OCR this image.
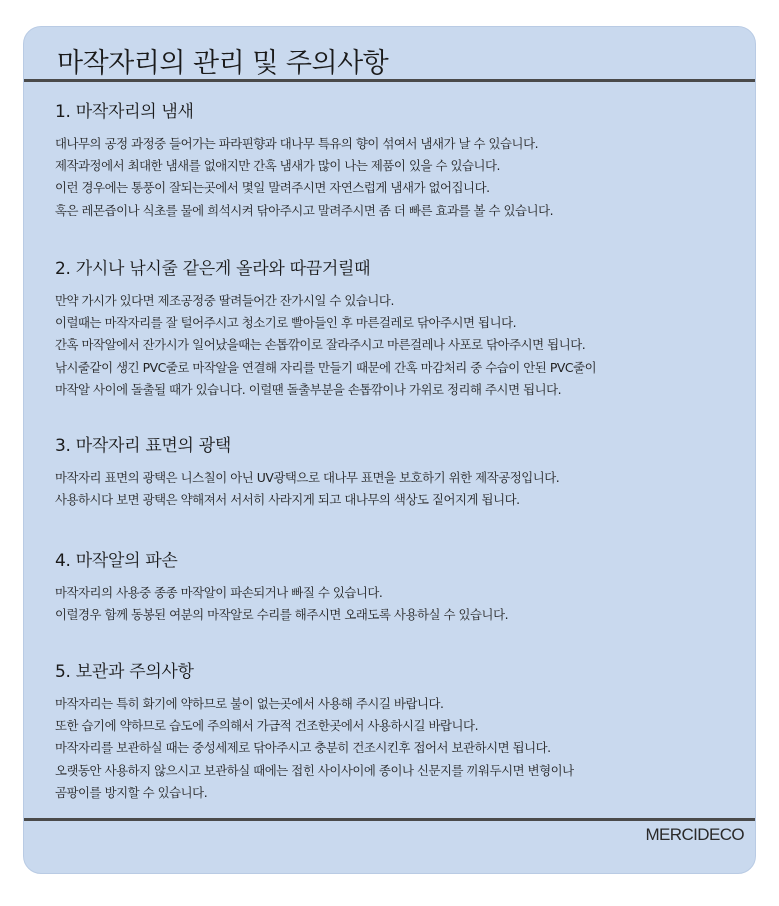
마작자리의 관리 및 주의사항
1. 마작자리의 냄새
대나무의 공정 과정중 들어가는 파라핀향과 대나무 특유의 향이 섞여서 냄새가 날 수 있습니다.
제작과정에서 최대한 냄새를 없애지만 간혹 냄새가 많이 나는 제품이 있을 수 있습니다.
이런 경우에는 통풍이 잘되는곳에서 몇일 말려주시면 자연스럽게 냄새가 없어집니다.
혹은 레몬즙이나 식초를 물에 희석시켜 닦아주시고 말려주시면 좀 더 빠른 효과를 볼 수 있습니다.
2. 가시나 낚시줄 같은게 올라와 따끔거릴때
만약 가시가 있다면 제조공정중 딸려들어간 잔가시일 수 있습니다.
이럴때는 마작자리를 잘 털어주시고 청소기로 빨아들인 후 마른걸레로 닦아주시면 됩니다.
간혹 마작알에서 잔가시가 일어났을때는 손톱깎이로 잘라주시고 마른걸레나 사포로 닦아주시면 됩니다.
낚시줄같이 생긴 PVC줄로 마작알을 연결해 자리를 만들기 때문에 간혹 마감처리 중 수습이 안된 PVC줄이
마작알 사이에 돌출될 때가 있습니다. 이럴땐 돌출부분을 손톱깎이나 가위로 정리해 주시면 됩니다.
3. 마작자리 표면의 광택
마작자리 표면의 광택은 니스칠이 아닌 UV광택으로 대나무 표면을 보호하기 위한 제작공정입니다.
사용하시다 보면 광택은 약해져서 서서히 사라지게 되고 대나무의 색상도 짙어지게 됩니다.
4. 마작알의 파손
마작자리의 사용중 종종 마작알이 파손되거나 빠질 수 있습니다.
이럴경우 함께 동봉된 여분의 마작알로 수리를 해주시면 오래도록 사용하실 수 있습니다.
5. 보관과 주의사항
마작자리는 특히 화기에 약하므로 불이 없는곳에서 사용해 주시길 바랍니다.
또한 습기에 약하므로 습도에 주의해서 가급적 건조한곳에서 사용하시길 바랍니다.
마작자리를 보관하실 때는 중성세제로 닦아주시고 충분히 건조시킨후 접어서 보관하시면 됩니다.
오랫동안 사용하지 않으시고 보관하실 때에는 접힌 사이사이에 종이나 신문지를 끼워두시면 변형이나
곰팡이를 방지할 수 있습니다.
MERCIDECO
